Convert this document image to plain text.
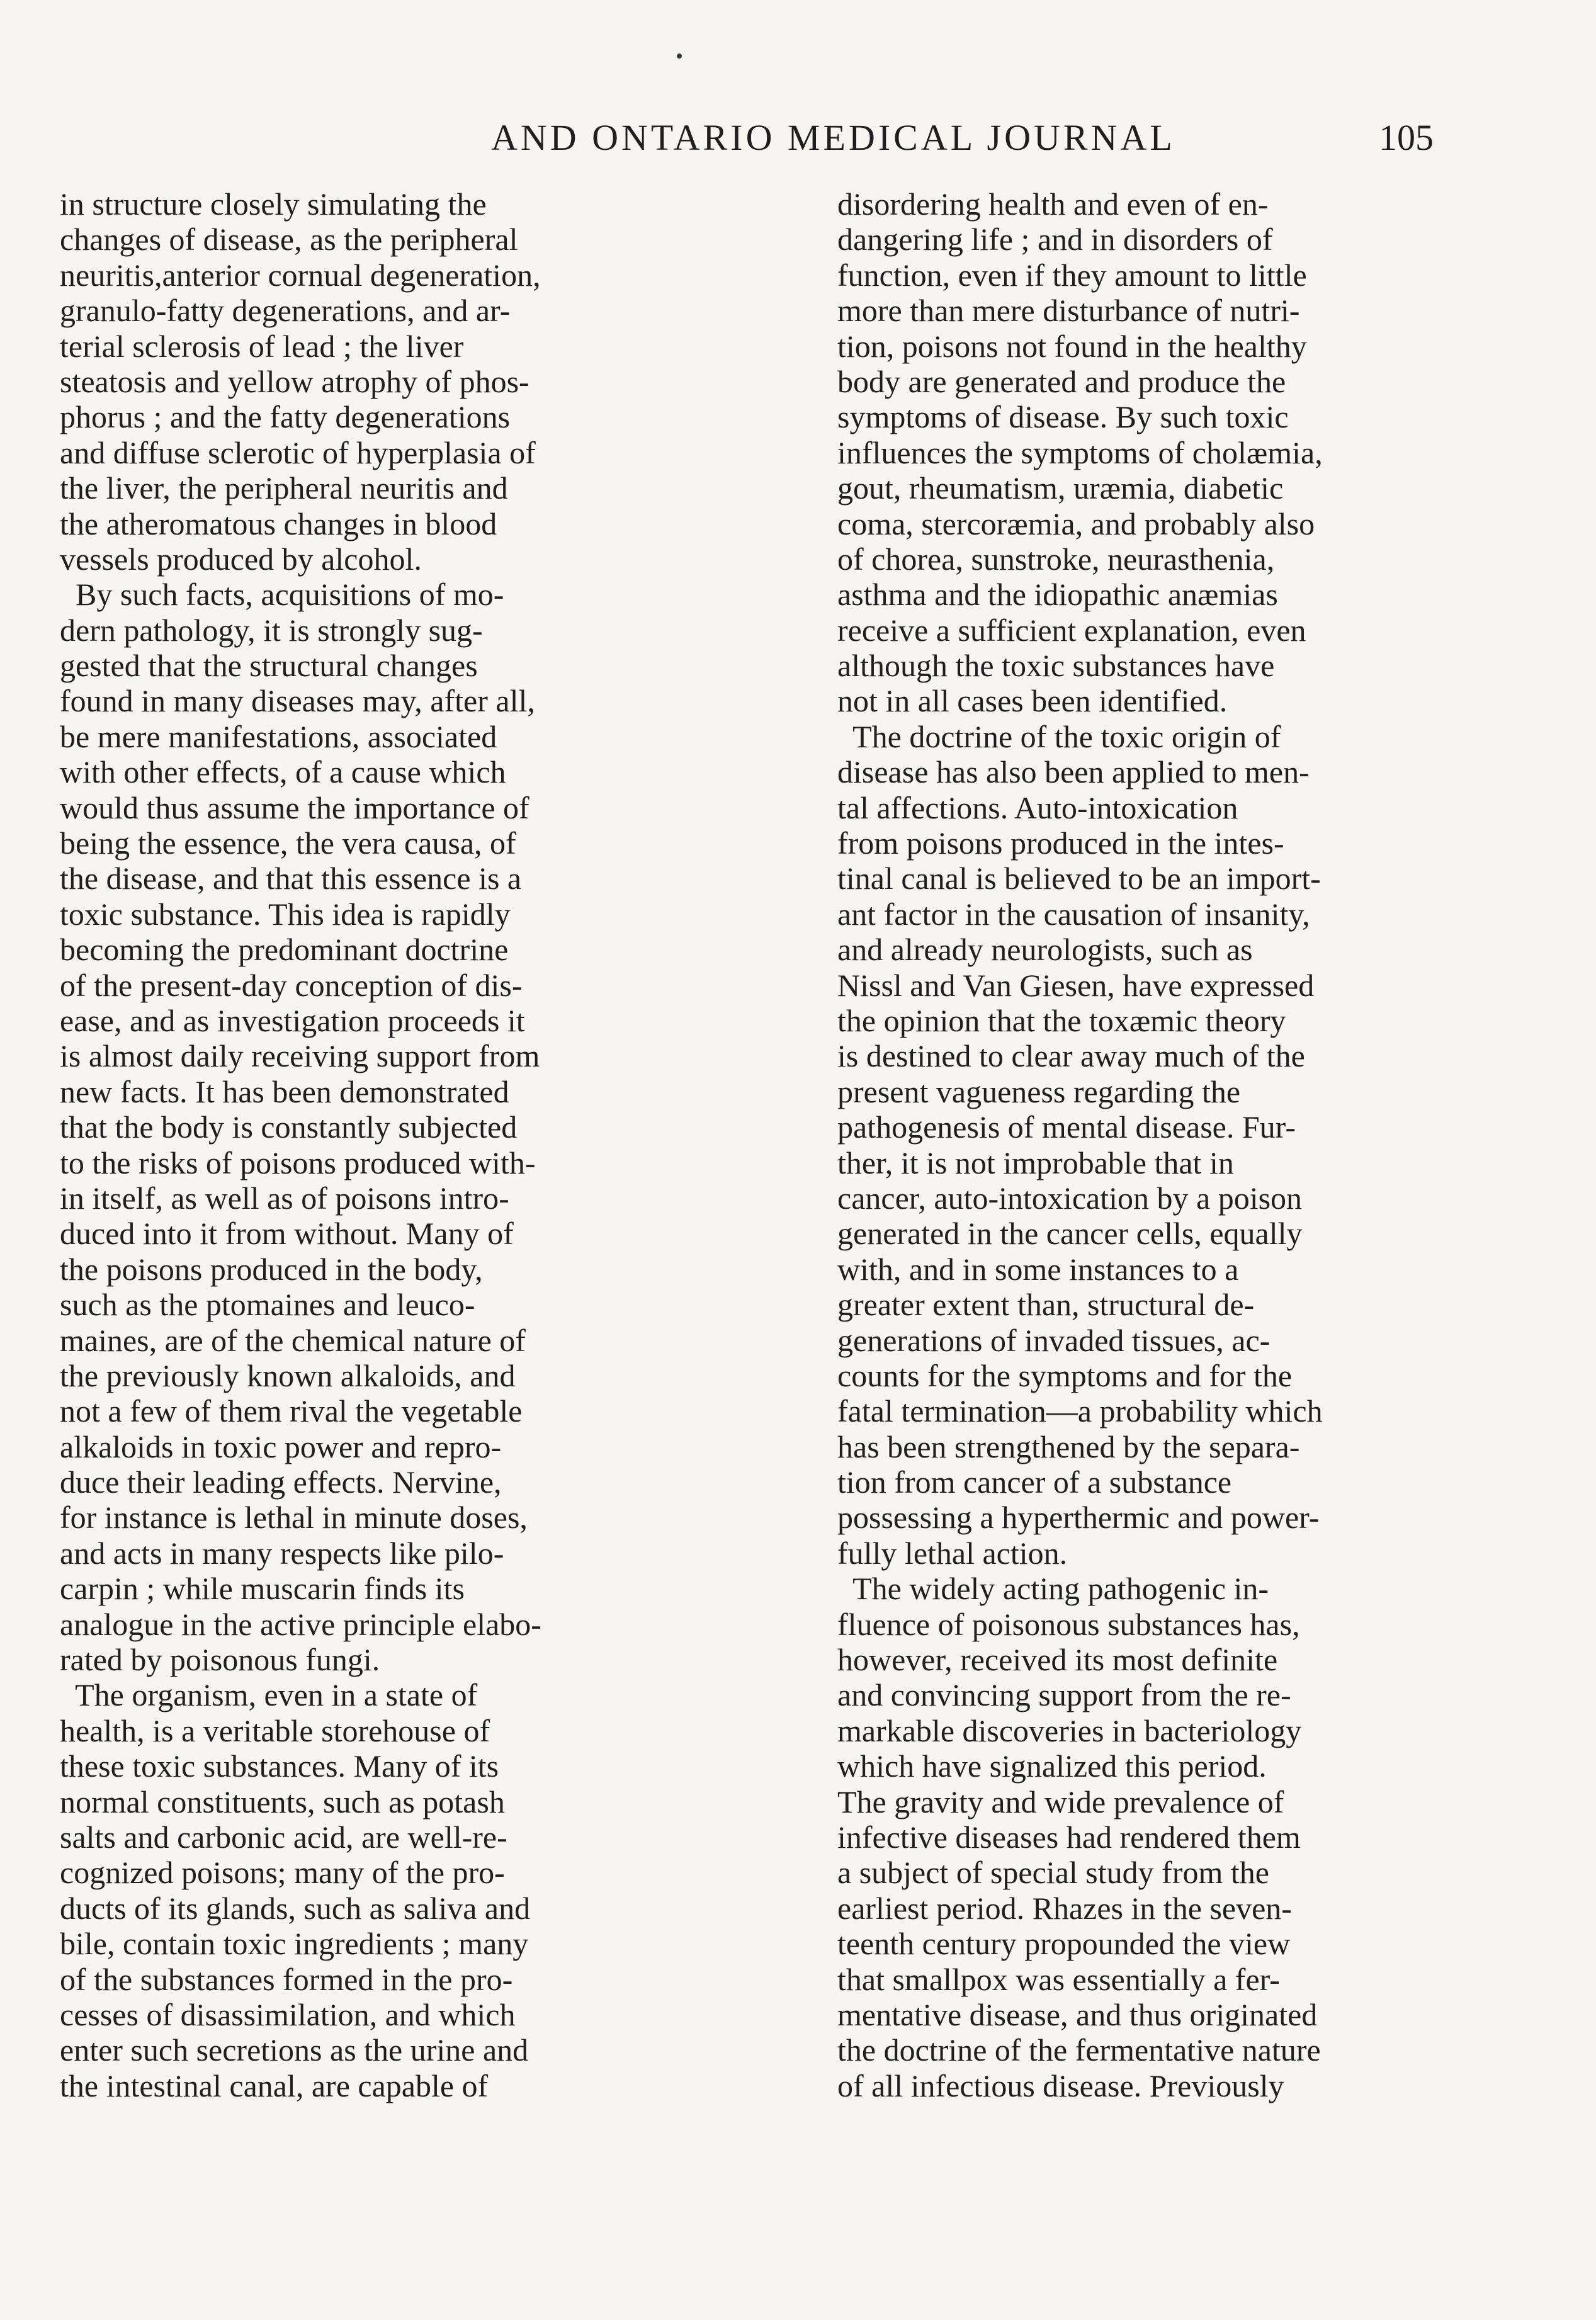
AND ONTARIO MEDICAL JOURNAL	105
in structure closely simulating the
changes of disease, as the peripheral
neuritis,anterior cornual degeneration,
granulo-fatty degenerations, and ar-
terial sclerosis of lead ; the liver
steatosis and yellow atrophy of phos-
phorus ; and the fatty degenerations
and diffuse sclerotic of hyperplasia of
the liver, the peripheral neuritis and
the atheromatous changes in blood
vessels produced by alcohol.
By such facts, acquisitions of mo-
dern pathology, it is strongly sug-
gested that the structural changes
found in many diseases may, after all,
be mere manifestations, associated
with other effects, of a cause which
would thus assume the importance of
being the essence, the vera causa, of
the disease, and that this essence is a
toxic substance. This idea is rapidly
becoming the predominant doctrine
of the present-day conception of dis-
ease, and as investigation proceeds it
is almost daily receiving support from
new facts. It has been demonstrated
that the body is constantly subjected
to the risks of poisons produced with-
in itself, as well as of poisons intro-
duced into it from without. Many of
the poisons produced in the body,
such as the ptomaines and leuco-
maines, are of the chemical nature of
the previously known alkaloids, and
not a few of them rival the vegetable
alkaloids in toxic power and repro-
duce their leading effects. Nervine,
for instance is lethal in minute doses,
and acts in many respects like pilo-
carpin ; while muscarin finds its
analogue in the active principle elabo-
rated by poisonous fungi.
The organism, even in a state of
health, is a veritable storehouse of
these toxic substances. Many of its
normal constituents, such as potash
salts and carbonic acid, are well-re-
cognized poisons; many of the pro-
ducts of its glands, such as saliva and
bile, contain toxic ingredients ; many
of the substances formed in the pro-
cesses of disassimilation, and which
enter such secretions as the urine and
the intestinal canal, are capable of
disordering health and even of en-
dangering life ; and in disorders of
function, even if they amount to little
more than mere disturbance of nutri-
tion, poisons not found in the healthy
body are generated and produce the
symptoms of disease. By such toxic
influences the symptoms of cholæmia,
gout, rheumatism, uræmia, diabetic
coma, stercoræmia, and probably also
of chorea, sunstroke, neurasthenia,
asthma and the idiopathic anæmias
receive a sufficient explanation, even
although the toxic substances have
not in all cases been identified.
The doctrine of the toxic origin of
disease has also been applied to men-
tal affections. Auto-intoxication
from poisons produced in the intes-
tinal canal is believed to be an import-
ant factor in the causation of insanity,
and already neurologists, such as
Nissl and Van Giesen, have expressed
the opinion that the toxæmic theory
is destined to clear away much of the
present vagueness regarding the
pathogenesis of mental disease. Fur-
ther, it is not improbable that in
cancer, auto-intoxication by a poison
generated in the cancer cells, equally
with, and in some instances to a
greater extent than, structural de-
generations of invaded tissues, ac-
counts for the symptoms and for the
fatal termination—a probability which
has been strengthened by the separa-
tion from cancer of a substance
possessing a hyperthermic and power-
fully lethal action.
The widely acting pathogenic in-
fluence of poisonous substances has,
however, received its most definite
and convincing support from the re-
markable discoveries in bacteriology
which have signalized this period.
The gravity and wide prevalence of
infective diseases had rendered them
a subject of special study from the
earliest period. Rhazes in the seven-
teenth century propounded the view
that smallpox was essentially a fer-
mentative disease, and thus originated
the doctrine of the fermentative nature
of all infectious disease. Previously
